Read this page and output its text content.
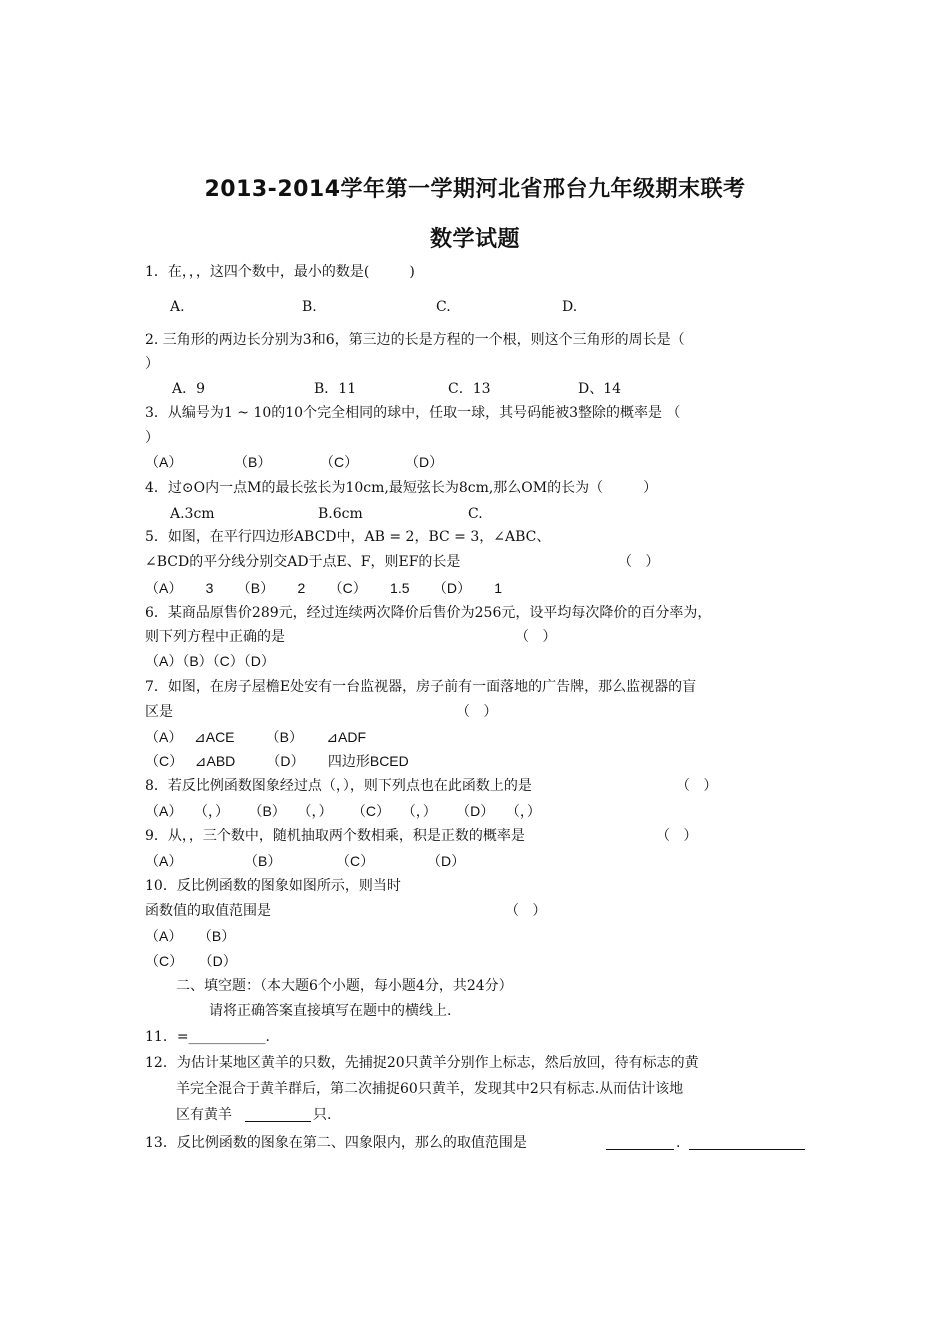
2013-2014学年第一学期河北省邢台九年级期末联考
数学试题
1．在，，，这四个数中，最小的数是(         )
A.	B.	C.	D.
2. 三角形的两边长分别为3和6，第三边的长是方程的一个根，则这个三角形的周长是（
）
A．9	B．11	C．13	D、14
3．从编号为1 ~ 10的10个完全相同的球中，任取一球，其号码能被3整除的概率是 （
）
（A）	（B）	（C）	（D）
4．过⊙O内一点M的最长弦长为10cm,最短弦长为8cm,那么OM的长为（         ）
A.3cm	B.6cm	C.
5．如图，在平行四边形ABCD中，AB = 2，BC = 3，∠ABC、
∠BCD的平分线分别交AD于点E、F，则EF的长是	（   ）
（A）      3      （B）      2      （C）      1.5      （D）      1
6．某商品原售价289元，经过连续两次降价后售价为256元，设平均每次降价的百分率为，
则下列方程中正确的是	（   ）
（A）（B）（C）（D）
7．如图，在房子屋檐E处安有一台监视器，房子前有一面落地的广告牌，那么监视器的盲
区是	（   ）
（A）   ⊿ACE        （B）      ⊿ADF
（C）   ⊿ABD        （D）      四边形BCED
8．若反比例函数图象经过点（，），则下列点也在此函数上的是	（   ）
（A）   （，）     （B）   （，）     （C）   （，）     （D）   （，）
9．从，，三个数中，随机抽取两个数相乘，积是正数的概率是	（   ）
（A）	（B）	（C）	（D）
10．反比例函数的图象如图所示，则当时
函数值的取值范围是	（   ）
（A）    （B）
（C）    （D）
二、填空题：（本大题6个小题，每小题4分，共24分）
请将正确答案直接填写在题中的横线上.
11．=___________.
12．为估计某地区黄羊的只数，先捕捉20只黄羊分别作上标志，然后放回，待有标志的黄
羊完全混合于黄羊群后，第二次捕捉60只黄羊，发现其中2只有标志.从而估计该地
区有黄羊	只.
13．反比例函数的图象在第二、四象限内，那么的取值范围是	.
